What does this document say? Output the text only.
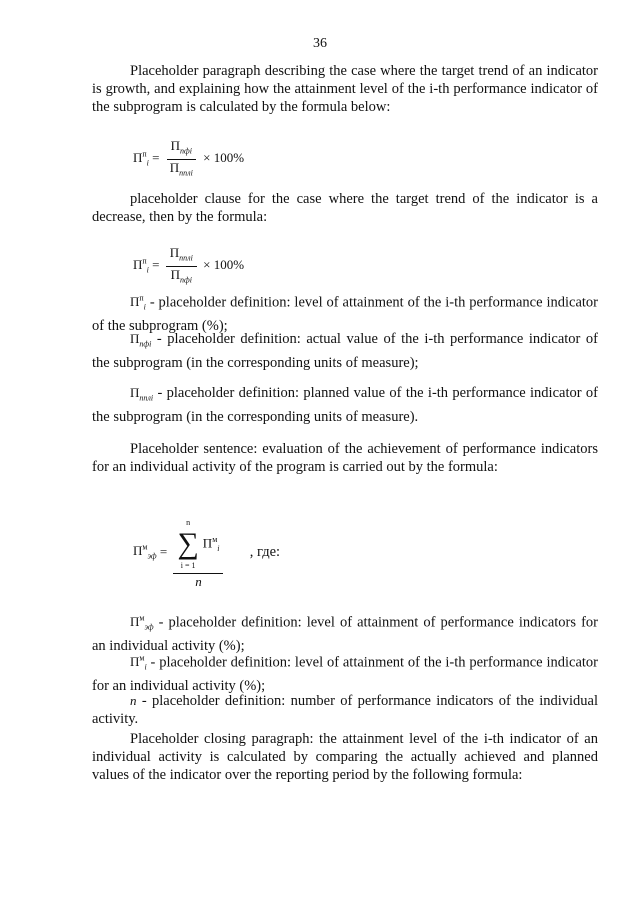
36
Placeholder paragraph describing the case where the target trend of an indicator is growth, and explaining how the attainment level of the i-th performance indicator of the subprogram is calculated by the formula below:
$П^п_i = \frac{П_{пфi}}{П_{пплi}} \times 100\%$
placeholder clause for the case where the target trend of the indicator is a decrease, then by the formula:
$П^п_i = \frac{П_{пплi}}{П_{пфi}} \times 100\%$
$П^п_i$ - placeholder definition: level of attainment of the i-th performance indicator of the subprogram (%);
$П_{пфi}$ - placeholder definition: actual value of the i-th performance indicator of the subprogram (in the corresponding units of measure);
$П_{пплi}$ - placeholder definition: planned value of the i-th performance indicator of the subprogram (in the corresponding units of measure).
Placeholder sentence: evaluation of the achievement of performance indicators for an individual activity of the program is carried out by the formula:
$П^м_{эф} = n$
∑
i = 1
$П^м_i$
n , где:
$П^м_{эф}$ - placeholder definition: level of attainment of performance indicators for an individual activity (%);
$П^м_i$ - placeholder definition: level of attainment of the i-th performance indicator for an individual activity (%);
n - placeholder definition: number of performance indicators of the individual activity.
Placeholder closing paragraph: the attainment level of the i-th indicator of an individual activity is calculated by comparing the actually achieved and planned values of the indicator over the reporting period by the following formula:
